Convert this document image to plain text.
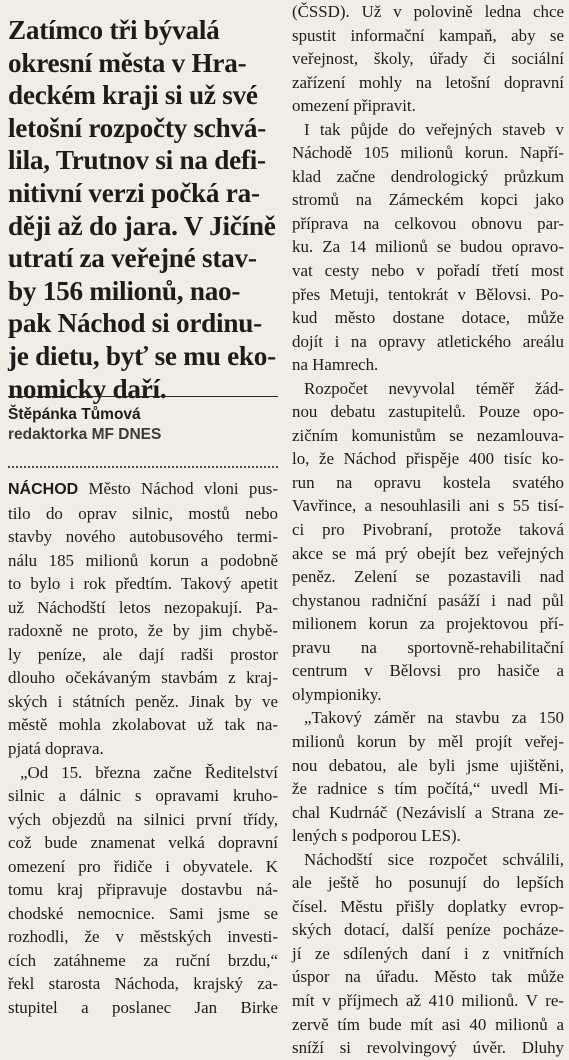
Zatímco tři bývalá
okresní města v Hra-
deckém kraji si už své
letošní rozpočty schvá-
lila, Trutnov si na defi-
nitivní verzi počká ra-
ději až do jara. V Jičíně
utratí za veřejné stav-
by 156 milionů, nao-
pak Náchod si ordinu-
je dietu, byť se mu eko-
nomicky daří.
Štěpánka Tůmová
redaktorka MF DNES

NÁCHOD Město Náchod vloni pus-
tilo do oprav silnic, mostů nebo
stavby nového autobusového termi-
nálu 185 milionů korun a podobně
to bylo i rok předtím. Takový apetit
už Náchodští letos nezopakují. Pa-
radoxně ne proto, že by jim chybě-
ly peníze, ale dají radši prostor
dlouho očekávaným stavbám z kraj-
ských i státních peněz. Jinak by ve
městě mohla zkolabovat už tak na-
pjatá doprava.

„Od 15. března začne Ředitelství
silnic a dálnic s opravami kruho-
vých objezdů na silnici první třídy,
což bude znamenat velká dopravní
omezení pro řidiče i obyvatele. K
tomu kraj připravuje dostavbu ná-
chodské nemocnice. Sami jsme se
rozhodli, že v městských investi-
cích zatáhneme za ruční brzdu,“
řekl starosta Náchoda, krajský za-
stupitel a poslanec Jan Birke

(ČSSD). Už v polovině ledna chce
spustit informační kampaň, aby se
veřejnost, školy, úřady či sociální
zařízení mohly na letošní dopravní
omezení připravit.

I tak půjde do veřejných staveb v
Náchodě 105 milionů korun. Napří-
klad začne dendrologický průzkum
stromů na Zámeckém kopci jako
příprava na celkovou obnovu par-
ku. Za 14 milionů se budou opravo-
vat cesty nebo v pořadí třetí most
přes Metuji, tentokrát v Bělovsi. Po-
kud město dostane dotace, může
dojít i na opravy atletického areálu
na Hamrech.

Rozpočet nevyvolal téměř žád-
nou debatu zastupitelů. Pouze opo-
zičním komunistům se nezamlouva-
lo, že Náchod přispěje 400 tisíc ko-
run na opravu kostela svatého
Vavřince, a nesouhlasili ani s 55 tisí-
ci pro Pivobraní, protože taková
akce se má prý obejít bez veřejných
peněz. Zelení se pozastavili nad
chystanou radniční pasáží i nad půl
milionem korun za projektovou pří-
pravu na sportovně-rehabilitační
centrum v Bělovsi pro hasiče a
olympioniky.

„Takový záměr na stavbu za 150
milionů korun by měl projít veřej-
nou debatou, ale byli jsme ujištěni,
že radnice s tím počítá,“ uvedl Mi-
chal Kudrnáč (Nezávislí a Strana ze-
lených s podporou LES).

Náchodští sice rozpočet schválili,
ale ještě ho posunují do lepších
čísel. Městu přišly doplatky evrop-
ských dotací, další peníze pocháze-
jí ze sdílených daní i z vnitřních
úspor na úřadu. Město tak může
mít v příjmech až 410 milionů. V re-
zervě tím bude mít asi 40 milionů a
sníží si revolvingový úvěr. Dluhy
